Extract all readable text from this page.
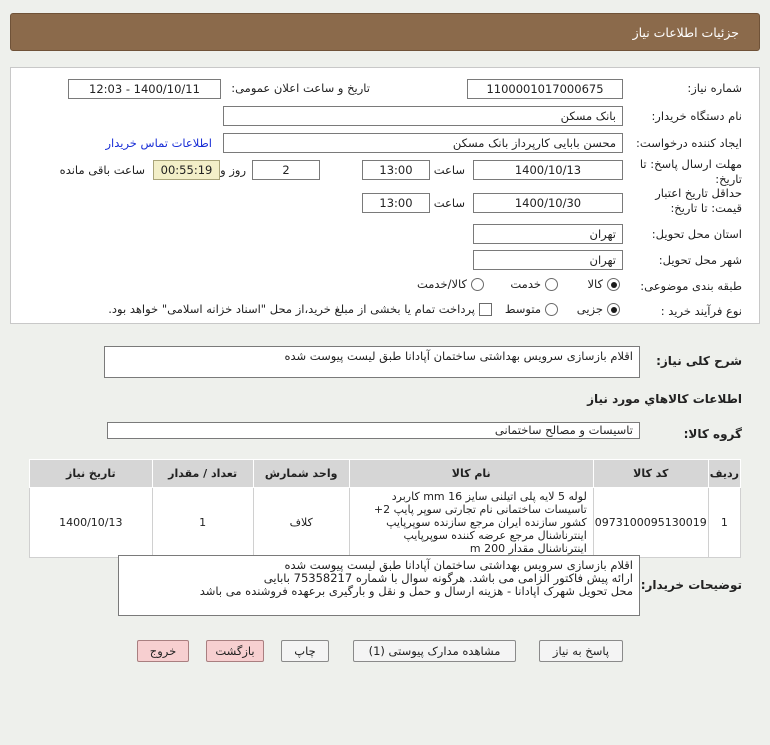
جزئیات اطلاعات نیاز
شماره نیاز:
1100001017000675
تاریخ و ساعت اعلان عمومی:
1400/10/11 - 12:03
نام دستگاه خریدار:
بانک مسکن
ایجاد کننده درخواست:
محسن بابایی کارپرداز بانک مسکن
اطلاعات تماس خریدار
مهلت ارسال پاسخ: تا
تاریخ:
1400/10/13
ساعت
13:00
2
روز و
00:55:19
ساعت باقی مانده
حداقل تاریخ اعتبار
قیمت: تا تاریخ:
1400/10/30
ساعت
13:00
استان محل تحویل:
تهران
شهر محل تحویل:
تهران
طبقه بندی موضوعی:
کالا
خدمت
کالا/خدمت
نوع فرآیند خرید :
جزیی
متوسط
پرداخت تمام یا بخشی از مبلغ خرید،از محل "اسناد خزانه اسلامی" خواهد بود.
شرح کلی نیاز:
اقلام بازسازی سرویس بهداشتی ساختمان آپادانا طبق لیست پیوست شده
اطلاعات کالاهاي مورد نياز
گروه کالا:
تاسیسات و مصالح ساختمانی
ردیف	کد کالا	نام کالا	واحد شمارش	تعداد / مقدار	تاریخ نیاز
1	0973100095130019	لوله 5 لایه پلی اتیلنی سایز 16 mm کاربرد تاسیسات ساختمانی نام تجارتی سوپر پایپ 2+ کشور سازنده ایران مرجع سازنده سوپرپایپ اینترناشنال مرجع عرضه کننده سوپرپایپ اینترناشنال مقدار 200 m	کلاف	1	1400/10/13
توضیحات خریدار:
اقلام بازسازی سرویس بهداشتی ساختمان آپادانا طبق لیست پیوست شده
ارائه پیش فاکتور الزامی می باشد. هرگونه سوال با شماره 75358217 بابایی
محل تحویل شهرک اپادانا - هزینه ارسال و حمل و نقل و بارگیری برعهده فروشنده می باشد
پاسخ به نیاز
مشاهده مدارک پیوستی (1)
چاپ
بازگشت
خروج
